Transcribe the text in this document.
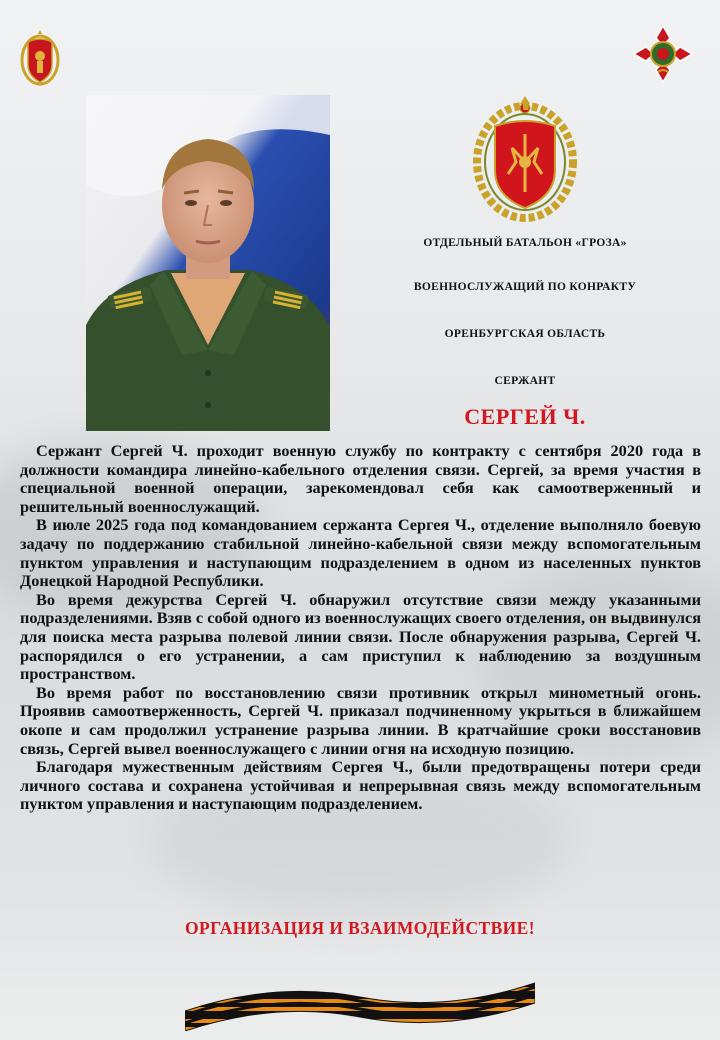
ОТДЕЛЬНЫЙ БАТАЛЬОН «ГРОЗА»
ВОЕННОСЛУЖАЩИЙ ПО КОНРАКТУ
ОРЕНБУРГСКАЯ ОБЛАСТЬ
СЕРЖАНТ
СЕРГЕЙ Ч.

Сержант Сергей Ч. проходит военную службу по контракту с сентября 2020 года в должности командира линейно-кабельного отделения связи. Сергей, за время участия в специальной военной операции, зарекомендовал себя как самоотверженный и решительный военнослужащий.

В июле 2025 года под командованием сержанта Сергея Ч., отделение выполняло боевую задачу по поддержанию стабильной линейно-кабельной связи между вспомогательным пунктом управления и наступающим подразделением в одном из населенных пунктов Донецкой Народной Республики.

Во время дежурства Сергей Ч. обнаружил отсутствие связи между указанными подразделениями. Взяв с собой одного из военнослужащих своего отделения, он выдвинулся для поиска места разрыва полевой линии связи. После обнаружения разрыва, Сергей Ч. распорядился о его устранении, а сам приступил к наблюдению за воздушным пространством.

Во время работ по восстановлению связи противник открыл минометный огонь. Проявив самоотверженность, Сергей Ч. приказал подчиненному укрыться в ближайшем окопе и сам продолжил устранение разрыва линии. В кратчайшие сроки восстановив связь, Сергей вывел военнослужащего с линии огня на исходную позицию.

Благодаря мужественным действиям Сергея Ч., были предотвращены потери среди личного состава и сохранена устойчивая и непрерывная связь между вспомогательным пунктом управления и наступающим подразделением.

ОРГАНИЗАЦИЯ И ВЗАИМОДЕЙСТВИЕ!
